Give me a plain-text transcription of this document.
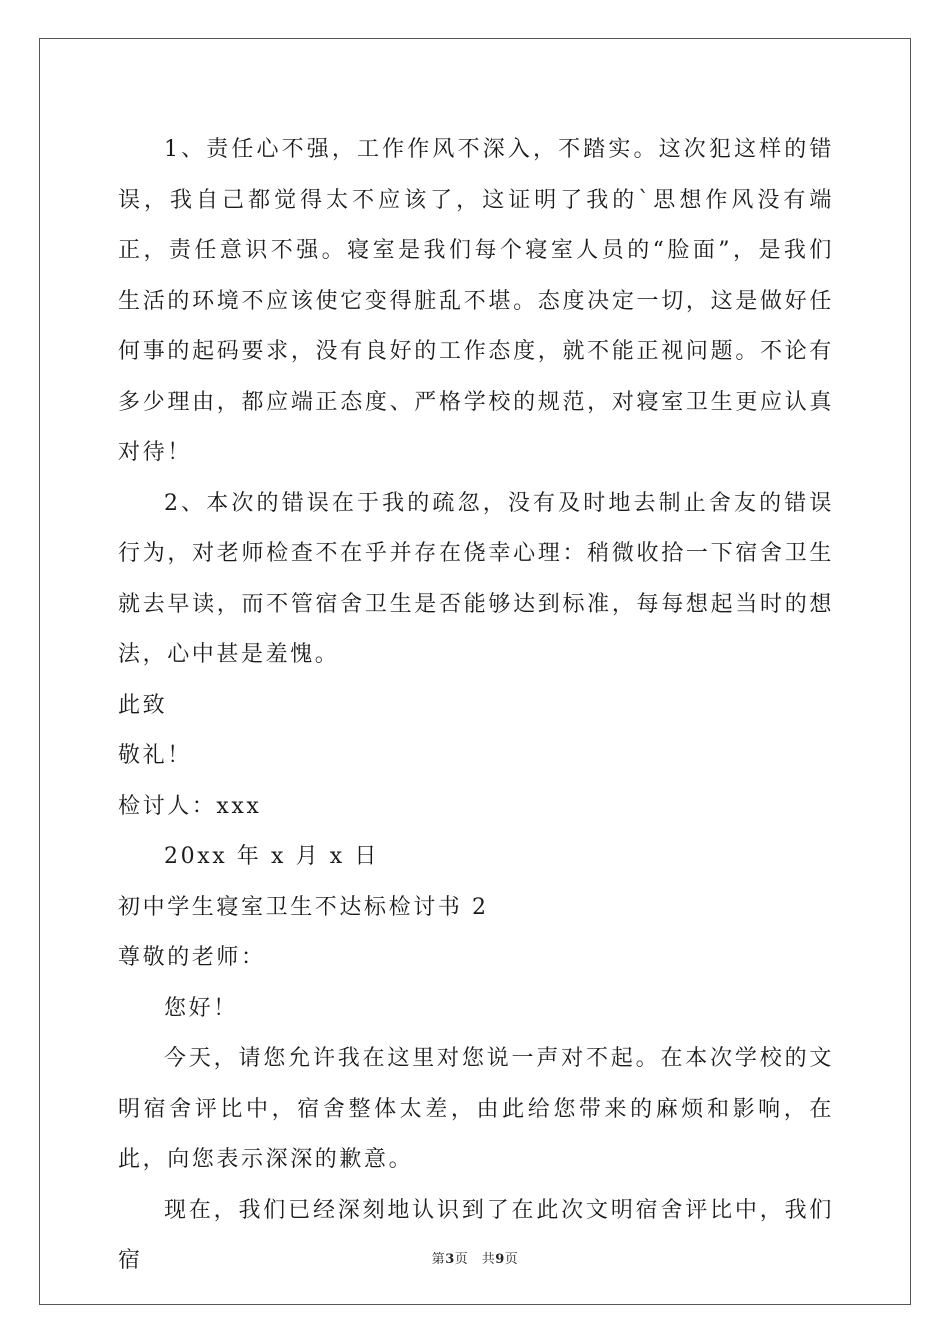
1、责任心不强，工作作风不深入，不踏实。这次犯这样的错误，我自己都觉得太不应该了，这证明了我的`思想作风没有端正，责任意识不强。寝室是我们每个寝室人员的“脸面”，是我们生活的环境不应该使它变得脏乱不堪。态度决定一切，这是做好任何事的起码要求，没有良好的工作态度，就不能正视问题。不论有多少理由，都应端正态度、严格学校的规范，对寝室卫生更应认真对待！

2、本次的错误在于我的疏忽，没有及时地去制止舍友的错误行为，对老师检查不在乎并存在侥幸心理：稍微收拾一下宿舍卫生就去早读，而不管宿舍卫生是否能够达到标准，每每想起当时的想法，心中甚是羞愧。

此致

敬礼！

检讨人：xxx

20xx 年 x 月 x 日

初中学生寝室卫生不达标检讨书 2

尊敬的老师：

您好！

今天，请您允许我在这里对您说一声对不起。在本次学校的文明宿舍评比中，宿舍整体太差，由此给您带来的麻烦和影响，在此，向您表示深深的歉意。

现在，我们已经深刻地认识到了在此次文明宿舍评比中，我们宿	第3页　共9页
